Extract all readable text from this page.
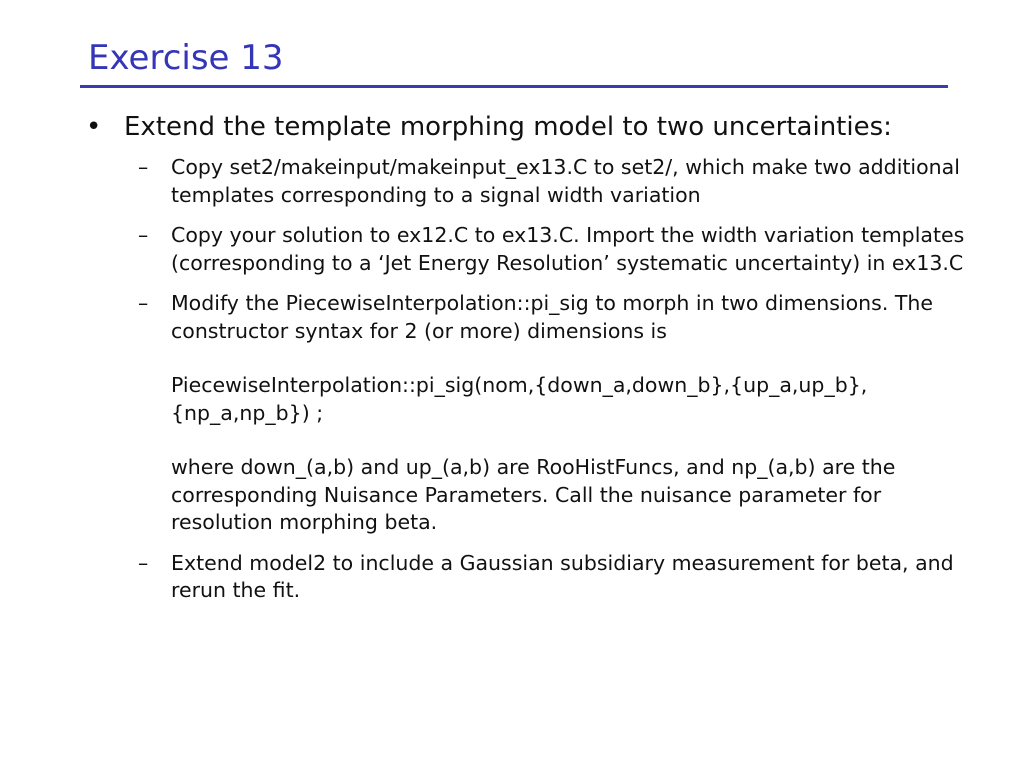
Exercise 13
• Extend the template morphing model to two uncertainties:
–	Copy set2/makeinput/makeinput_ex13.C to set2/, which make two additional templates corresponding to a signal width variation

–	Copy your solution to ex12.C to ex13.C. Import the width variation templates (corresponding to a ‘Jet Energy Resolution’ systematic uncertainty) in ex13.C

–	Modify the PiecewiseInterpolation::pi_sig to morph in two dimensions. The constructor syntax for 2 (or more) dimensions is

PiecewiseInterpolation::pi_sig(nom,{down_a,down_b},{up_a,up_b},{np_a,np_b}) ;

where down_(a,b) and up_(a,b) are RooHistFuncs, and np_(a,b) are the corresponding Nuisance Parameters. Call the nuisance parameter for resolution morphing beta.

–	Extend model2 to include a Gaussian subsidiary measurement for beta, and rerun the fit.
